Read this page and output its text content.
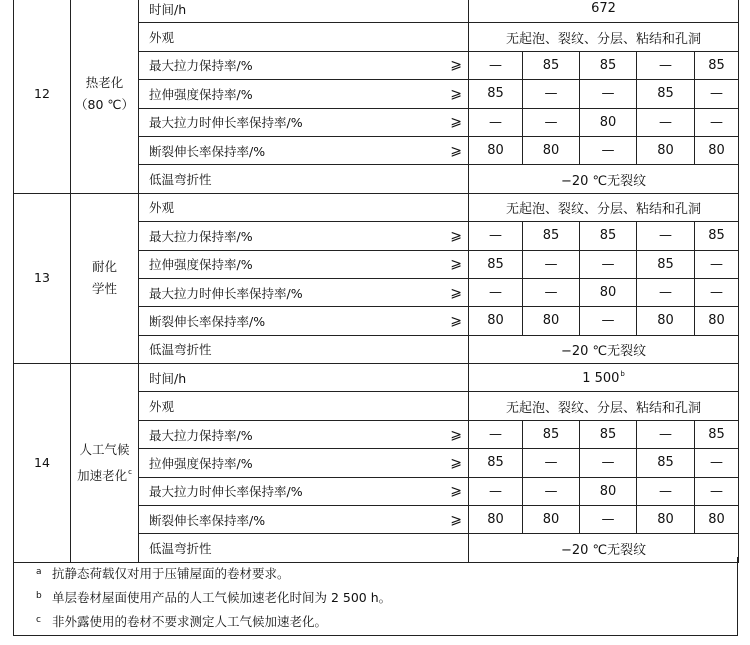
12	热老化
（80 ℃）	时间/h		672				
		外观		无起泡、裂纹、分层、粘结和孔洞				
		最大拉力保持率/%	⩾	—	85	85	—	85
		拉伸强度保持率/%	⩾	85	—	—	85	—
		最大拉力时伸长率保持率/%	⩾	—	—	80	—	—
		断裂伸长率保持率/%	⩾	80	80	—	80	80
		低温弯折性		−20 ℃无裂纹				
13	耐化
学性	外观		无起泡、裂纹、分层、粘结和孔洞				
		最大拉力保持率/%	⩾	—	85	85	—	85
		拉伸强度保持率/%	⩾	85	—	—	85	—
		最大拉力时伸长率保持率/%	⩾	—	—	80	—	—
		断裂伸长率保持率/%	⩾	80	80	—	80	80
		低温弯折性		−20 ℃无裂纹				
14	人工气候
加速老化$^c$	时间/h		1 500$^b$
		外观		无起泡、裂纹、分层、粘结和孔洞				
		最大拉力保持率/%	⩾	—	85	85	—	85
		拉伸强度保持率/%	⩾	85	—	—	85	—
		最大拉力时伸长率保持率/%	⩾	—	—	80	—	—
		断裂伸长率保持率/%	⩾	80	80	—	80	80
		低温弯折性		−20 ℃无裂纹				
a 抗静态荷载仅对用于压铺屋面的卷材要求。
b 单层卷材屋面使用产品的人工气候加速老化时间为 2 500 h。
c 非外露使用的卷材不要求测定人工气候加速老化。
